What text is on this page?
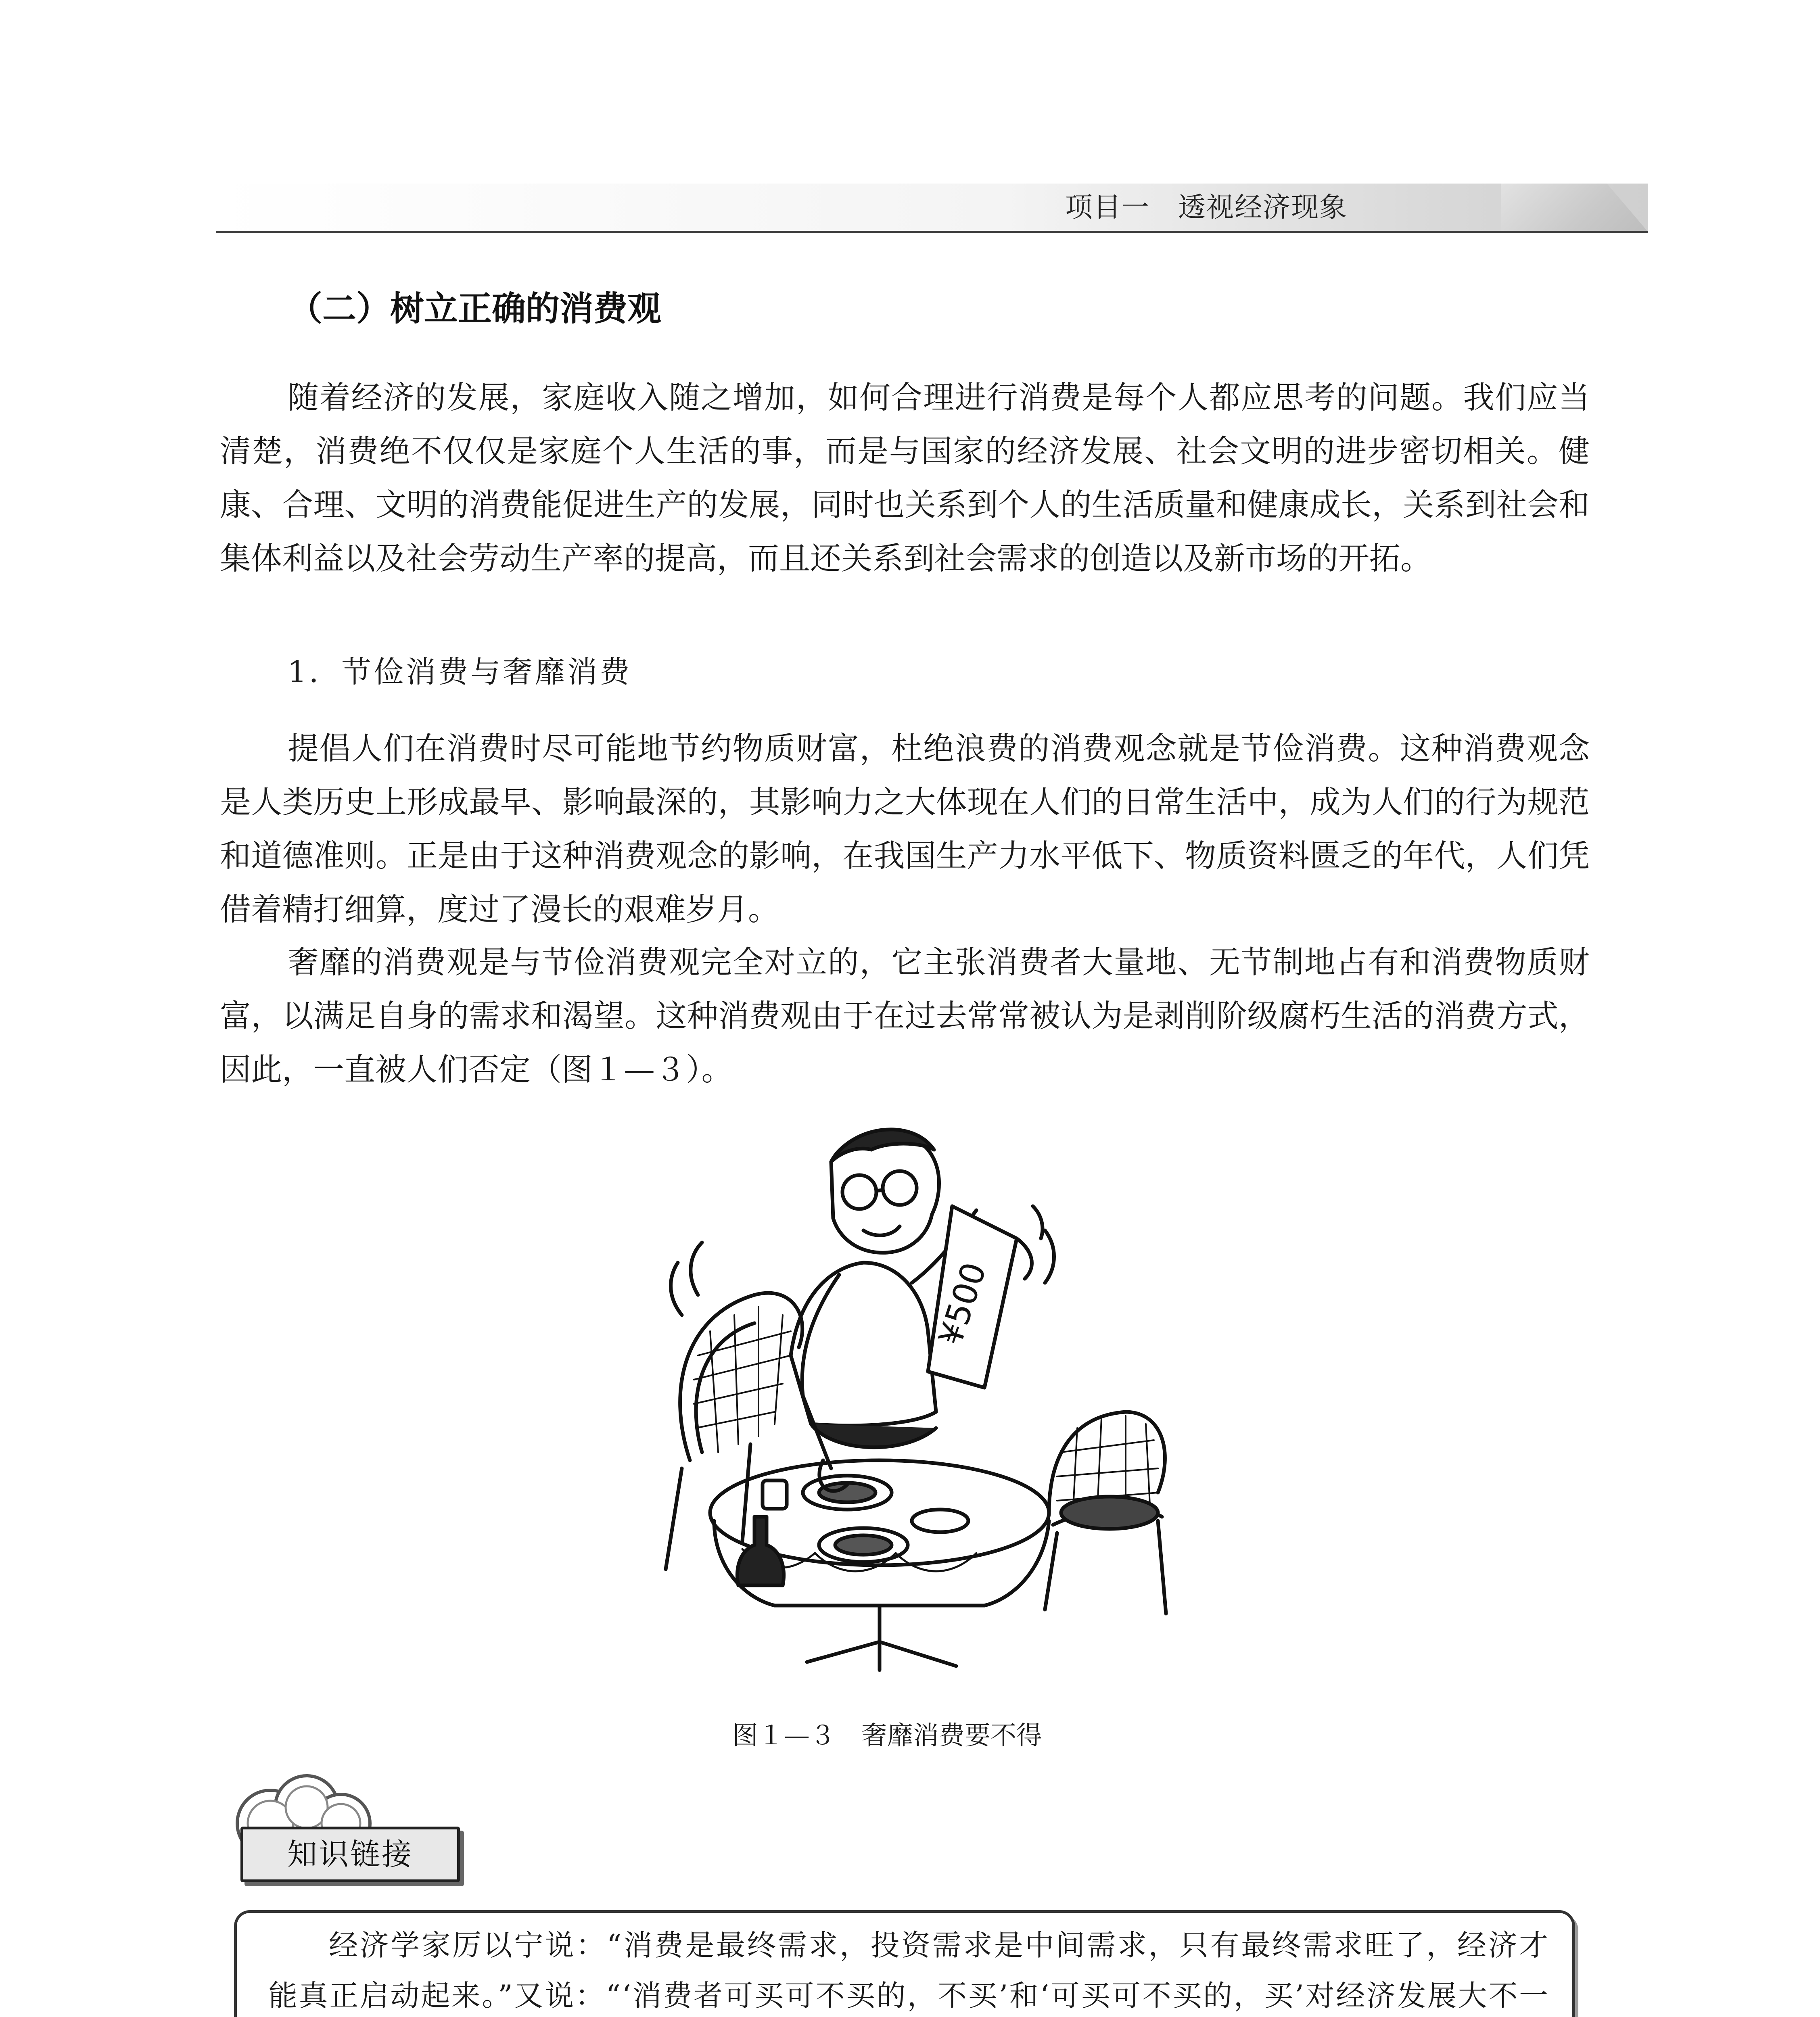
项目一　透视经济现象
（二）树立正确的消费观

随着经济的发展，家庭收入随之增加，如何合理进行消费是每个人都应思考的问题。我们应当清楚，消费绝不仅仅是家庭个人生活的事，而是与国家的经济发展、社会文明的进步密切相关。健康、合理、文明的消费能促进生产的发展，同时也关系到个人的生活质量和健康成长，关系到社会和集体利益以及社会劳动生产率的提高，而且还关系到社会需求的创造以及新市场的开拓。

1．节俭消费与奢靡消费

提倡人们在消费时尽可能地节约物质财富，杜绝浪费的消费观念就是节俭消费。这种消费观念是人类历史上形成最早、影响最深的，其影响力之大体现在人们的日常生活中，成为人们的行为规范和道德准则。正是由于这种消费观念的影响，在我国生产力水平低下、物质资料匮乏的年代，人们凭借着精打细算，度过了漫长的艰难岁月。

奢靡的消费观是与节俭消费观完全对立的，它主张消费者大量地、无节制地占有和消费物质财富，以满足自身的需求和渴望。这种消费观由于在过去常常被认为是剥削阶级腐朽生活的消费方式，因此，一直被人们否定（图１—３）。

¥500
图１—３　奢靡消费要不得
知识链接

经济学家厉以宁说：“消费是最终需求，投资需求是中间需求，只有最终需求旺了，经济才能真正启动起来。”又说：“‘消费者可买可不买的，不买’和‘可买可不买的，买’对经济发展大不一
